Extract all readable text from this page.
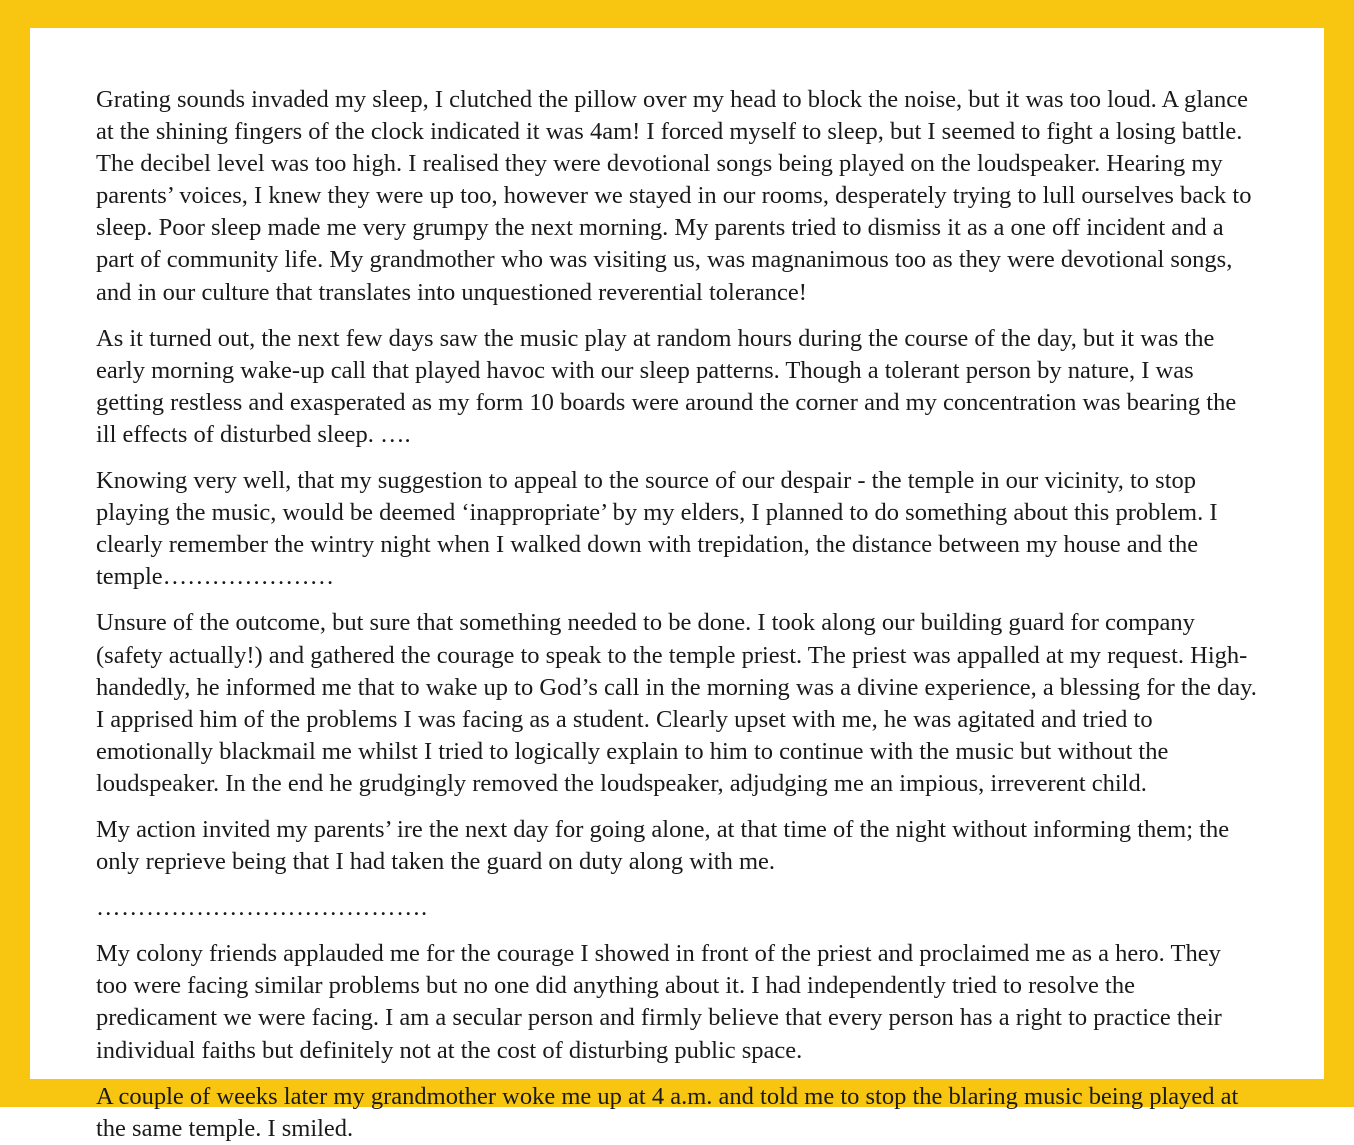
Grating sounds invaded my sleep, I clutched the pillow over my head to block the noise, but it was too loud. A glance at the shining fingers of the clock indicated it was 4am! I forced myself to sleep, but I seemed to fight a losing battle. The decibel level was too high. I realised they were devotional songs being played on the loudspeaker. Hearing my parents’ voices, I knew they were up too, however we stayed in our rooms, desperately trying to lull ourselves back to sleep. Poor sleep made me very grumpy the next morning. My parents tried to dismiss it as a one off incident and a part of community life. My grandmother who was visiting us, was magnanimous too as they were devotional songs, and in our culture that translates into unquestioned reverential tolerance!

As it turned out, the next few days saw the music play at random hours during the course of the day, but it was the early morning wake-up call that played havoc with our sleep patterns. Though a tolerant person by nature, I was getting restless and exasperated as my form 10 boards were around the corner and my concentration was bearing the ill effects of disturbed sleep. ….

Knowing very well, that my suggestion to appeal to the source of our despair - the temple in our vicinity, to stop playing the music, would be deemed ‘inappropriate’ by my elders, I planned to do something about this problem. I clearly remember the wintry night when I walked down with trepidation, the distance between my house and the temple…………………

Unsure of the outcome, but sure that something needed to be done. I took along our building guard for company (safety actually!) and gathered the courage to speak to the temple priest. The priest was appalled at my request. High-handedly, he informed me that to wake up to God’s call in the morning was a divine experience, a blessing for the day. I apprised him of the problems I was facing as a student. Clearly upset with me, he was agitated and tried to emotionally blackmail me whilst I tried to logically explain to him to continue with the music but without the loudspeaker. In the end he grudgingly removed the loudspeaker, adjudging me an impious, irreverent child.

My action invited my parents’ ire the next day for going alone, at that time of the night without informing them; the only reprieve being that I had taken the guard on duty along with me.

………………………………….

My colony friends applauded me for the courage I showed in front of the priest and proclaimed me as a hero. They too were facing similar problems but no one did anything about it. I had independently tried to resolve the predicament we were facing. I am a secular person and firmly believe that every person has a right to practice their individual faiths but definitely not at the cost of disturbing public space.

A couple of weeks later my grandmother woke me up at 4 a.m. and told me to stop the blaring music being played at the same temple. I smiled.
